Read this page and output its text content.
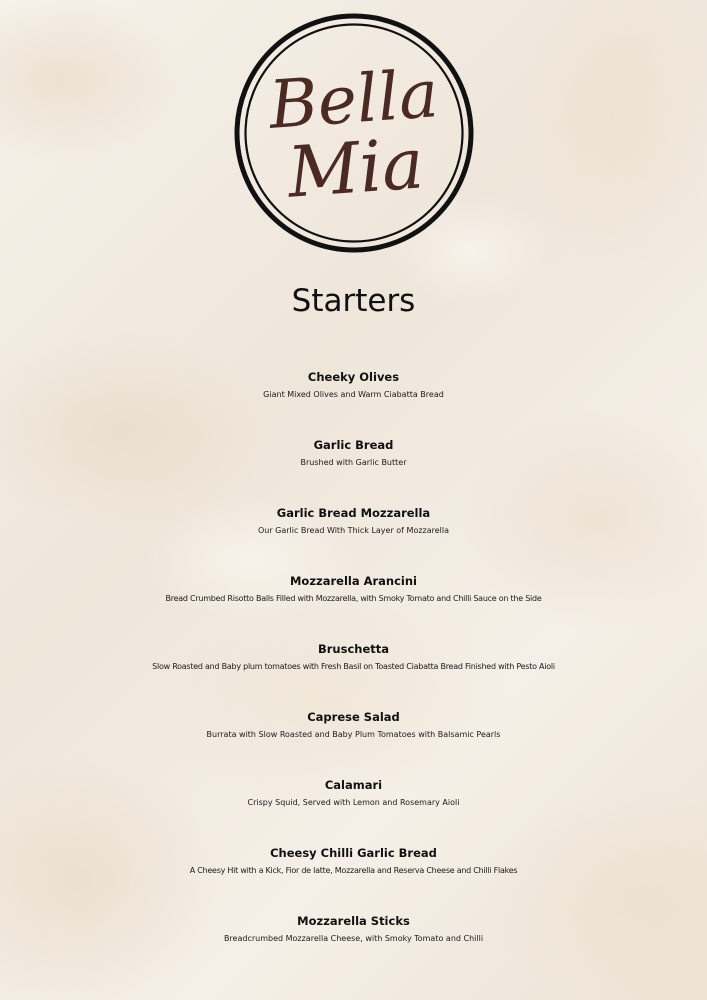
Bella
Mia
Starters
Cheeky Olives
Giant Mixed Olives and Warm Ciabatta Bread
Garlic Bread
Brushed with Garlic Butter
Garlic Bread Mozzarella
Our Garlic Bread With Thick Layer of Mozzarella
Mozzarella Arancini
Bread Crumbed Risotto Balls Filled with Mozzarella, with Smoky Tomato and Chilli Sauce on the Side
Bruschetta
Slow Roasted and Baby plum tomatoes with Fresh Basil on Toasted Ciabatta Bread Finished with Pesto Aioli
Caprese Salad
Burrata with Slow Roasted and Baby Plum Tomatoes with Balsamic Pearls
Calamari
Crispy Squid, Served with Lemon and Rosemary Aioli
Cheesy Chilli Garlic Bread
A Cheesy Hit with a Kick, Fior de latte, Mozzarella and Reserva Cheese and Chilli Flakes
Mozzarella Sticks
Breadcrumbed Mozzarella Cheese, with Smoky Tomato and Chilli
